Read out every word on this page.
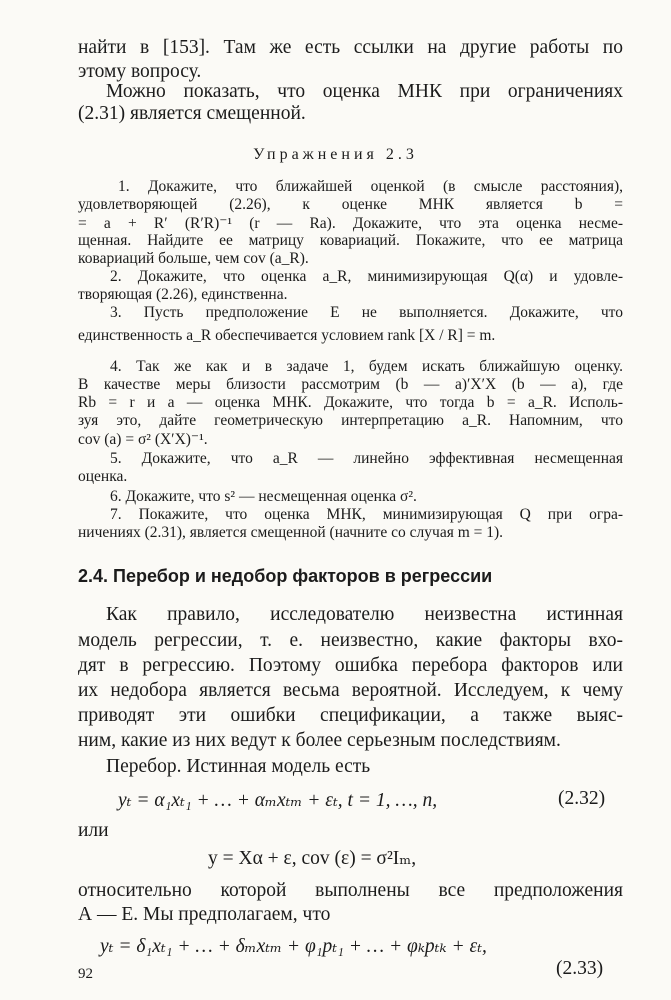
найти в [153]. Там же есть ссылки на другие работы по
этому вопросу.
Можно показать, что оценка МНК при ограничениях
(2.31) является смещенной.
Упражнения 2.3
1. Докажите, что ближайшей оценкой (в смысле расстояния),
удовлетворяющей (2.26), к оценке МНК является b =
= a + R′ (R′R)⁻¹ (r — Ra). Докажите, что эта оценка несме-
щенная. Найдите ее матрицу ковариаций. Покажите, что ее матрица
ковариаций больше, чем cov (a_R).
2. Докажите, что оценка a_R, минимизирующая Q(α) и удовле-
творяющая (2.26), единственна.
3. Пусть предположение E не выполняется. Докажите, что
единственность a_R обеспечивается условием rank [X / R] = m.
4. Так же как и в задаче 1, будем искать ближайшую оценку.
В качестве меры близости рассмотрим (b — a)′X′X (b — a), где
Rb = r и a — оценка МНК. Докажите, что тогда b = a_R. Исполь-
зуя это, дайте геометрическую интерпретацию a_R. Напомним, что
cov (a) = σ² (X′X)⁻¹.
5. Докажите, что a_R — линейно эффективная несмещенная
оценка.
6. Докажите, что s² — несмещенная оценка σ².
7. Покажите, что оценка МНК, минимизирующая Q при огра-
ничениях (2.31), является смещенной (начните со случая m = 1).
2.4. Перебор и недобор факторов в регрессии
Как правило, исследователю неизвестна истинная
модель регрессии, т. е. неизвестно, какие факторы вхо-
дят в регрессию. Поэтому ошибка перебора факторов или
их недобора является весьма вероятной. Исследуем, к чему
приводят эти ошибки спецификации, а также выяс-
ним, какие из них ведут к более серьезным последствиям.
Перебор. Истинная модель есть
yₜ = α₁xₜ₁ + … + αₘxₜₘ + εₜ, t = 1, …, n,	(2.32)
или
y = Xα + ε, cov (ε) = σ²Iₘ,
относительно которой выполнены все предположения
А — Е. Мы предполагаем, что
yₜ = δ₁xₜ₁ + … + δₘxₜₘ + φ₁pₜ₁ + … + φₖpₜₖ + εₜ,
(2.33)
92
